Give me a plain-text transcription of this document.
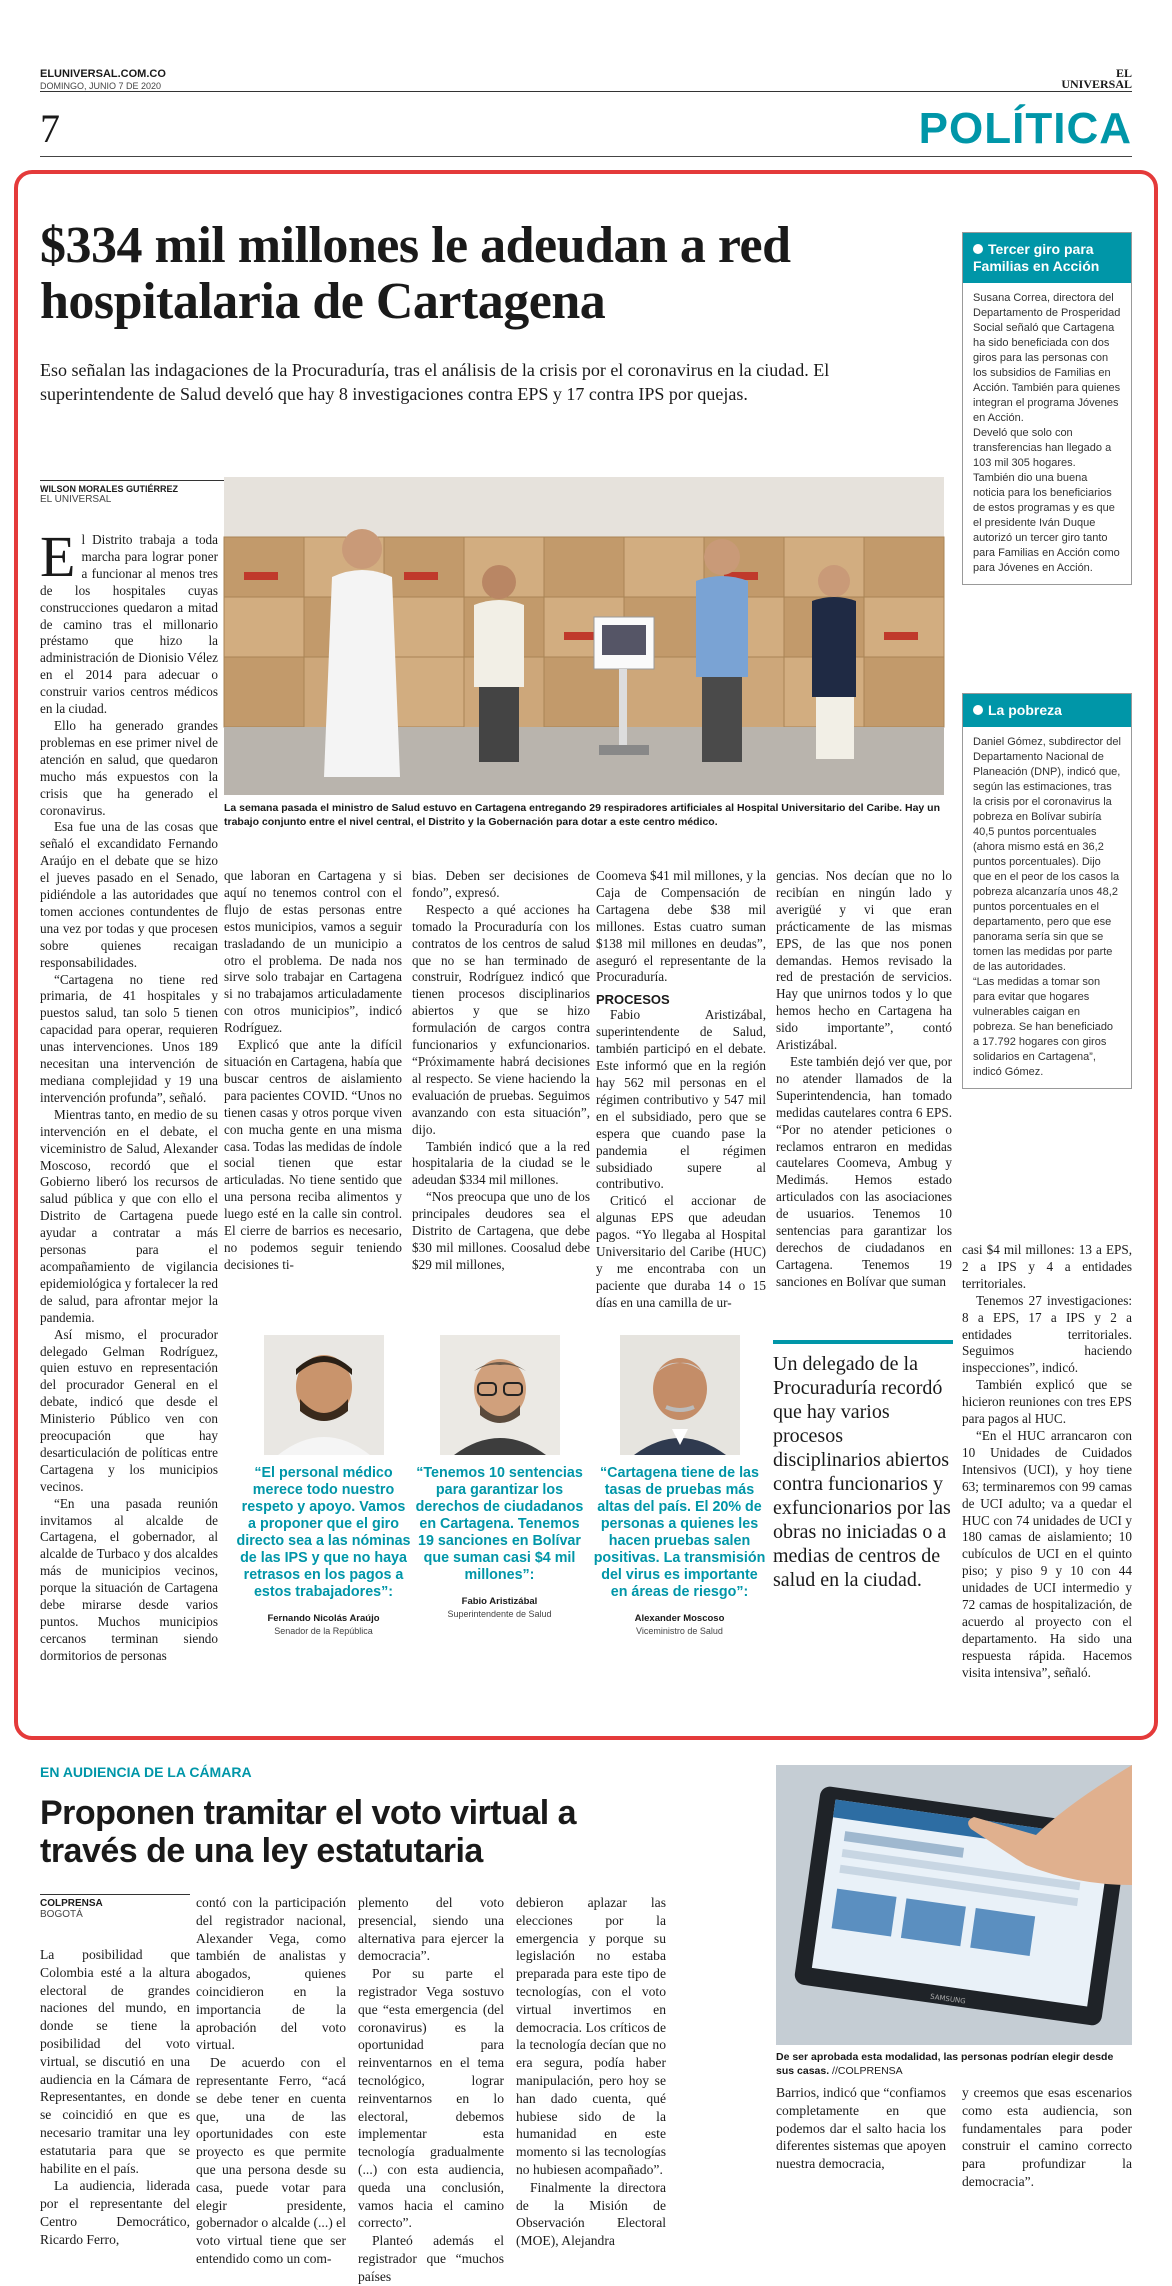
ELUNIVERSAL.COM.CO
DOMINGO, JUNIO 7 DE 2020
EL
UNIVERSAL
7	POLÍTICA
$334 mil millones le adeudan a red hospitalaria de Cartagena

Eso señalan las indagaciones de la Procuraduría, tras el análisis de la crisis por el coronavirus en la ciudad. El superintendente de Salud develó que hay 8 investigaciones contra EPS y 17 contra IPS por quejas.

WILSON MORALES GUTIÉRREZ
EL UNIVERSAL

El Distrito trabaja a toda marcha para lograr poner a funcionar al menos tres de los hospitales cuyas construcciones quedaron a mitad de camino tras el millonario préstamo que hizo la administración de Dionisio Vélez en el 2014 para adecuar o construir varios centros médicos en la ciudad.

Ello ha generado grandes problemas en ese primer nivel de atención en salud, que quedaron mucho más expuestos con la crisis que ha generado el coronavirus.

Esa fue una de las cosas que señaló el excandidato Fernando Araújo en el debate que se hizo el jueves pasado en el Senado, pidiéndole a las autoridades que tomen acciones contundentes de una vez por todas y que procesen sobre quienes recaigan responsabilidades.

“Cartagena no tiene red primaria, de 41 hospitales y puestos salud, tan solo 5 tienen capacidad para operar, requieren unas intervenciones. Unos 189 necesitan una intervención de mediana complejidad y 19 una intervención profunda”, señaló.

Mientras tanto, en medio de su intervención en el debate, el viceministro de Salud, Alexander Moscoso, recordó que el Gobierno liberó los recursos de salud pública y que con ello el Distrito de Cartagena puede ayudar a contratar a más personas para el acompañamiento de vigilancia epidemiológica y fortalecer la red de salud, para afrontar mejor la pandemia.

Así mismo, el procurador delegado Gelman Rodríguez, quien estuvo en representación del procurador General en el debate, indicó que desde el Ministerio Público ven con preocupación que hay desarticulación de políticas entre Cartagena y los municipios vecinos.

“En una pasada reunión invitamos al alcalde de Cartagena, el gobernador, al alcalde de Turbaco y dos alcaldes más de municipios vecinos, porque la situación de Cartagena debe mirarse desde varios puntos. Muchos municipios cercanos terminan siendo dormitorios de personas

La semana pasada el ministro de Salud estuvo en Cartagena entregando 29 respiradores artificiales al Hospital Universitario del Caribe. Hay un trabajo conjunto entre el nivel central, el Distrito y la Gobernación para dotar a este centro médico.

que laboran en Cartagena y si aquí no tenemos control con el flujo de estas personas entre estos municipios, vamos a seguir trasladando de un municipio a otro el problema. De nada nos sirve solo trabajar en Cartagena si no trabajamos articuladamente con otros municipios”, indicó Rodríguez.

Explicó que ante la difícil situación en Cartagena, había que buscar centros de aislamiento para pacientes COVID. “Unos no tienen casas y otros porque viven con mucha gente en una misma casa. Todas las medidas de índole social tienen que estar articuladas. No tiene sentido que una persona reciba alimentos y luego esté en la calle sin control. El cierre de barrios es necesario, no podemos seguir teniendo decisiones ti-

bias. Deben ser decisiones de fondo”, expresó.

Respecto a qué acciones ha tomado la Procuraduría con los contratos de los centros de salud que no se han terminado de construir, Rodríguez indicó que tienen procesos disciplinarios abiertos y que se hizo formulación de cargos contra funcionarios y exfuncionarios. “Próximamente habrá decisiones al respecto. Se viene haciendo la evaluación de pruebas. Seguimos avanzando con esta situación”, dijo.

También indicó que a la red hospitalaria de la ciudad se le adeudan $334 mil millones.

“Nos preocupa que uno de los principales deudores sea el Distrito de Cartagena, que debe $30 mil millones. Coosalud debe $29 mil millones,

Coomeva $41 mil millones, y la Caja de Compensación de Cartagena debe $38 mil millones. Estas cuatro suman $138 mil millones en deudas”, aseguró el representante de la Procuraduría.

PROCESOS

Fabio Aristizábal, superintendente de Salud, también participó en el debate. Este informó que en la región hay 562 mil personas en el régimen contributivo y 547 mil en el subsidiado, pero que se espera que cuando pase la pandemia el régimen subsidiado supere al contributivo.

Criticó el accionar de algunas EPS que adeudan pagos. “Yo llegaba al Hospital Universitario del Caribe (HUC) y me encontraba con un paciente que duraba 14 o 15 días en una camilla de ur-

gencias. Nos decían que no lo recibían en ningún lado y averigüé y vi que eran prácticamente de las mismas EPS, de las que nos ponen demandas. Hemos revisado la red de prestación de servicios. Hay que unirnos todos y lo que hemos hecho en Cartagena ha sido importante”, contó Aristizábal.

Este también dejó ver que, por no atender llamados de la Superintendencia, han tomado medidas cautelares contra 6 EPS. “Por no atender peticiones o reclamos entraron en medidas cautelares Coomeva, Ambug y Medimás. Hemos estado articulados con las asociaciones de usuarios. Tenemos 10 sentencias para garantizar los derechos de ciudadanos en Cartagena. Tenemos 19 sanciones en Bolívar que suman

casi $4 mil millones: 13 a EPS, 2 a IPS y 4 a entidades territoriales.

Tenemos 27 investigaciones: 8 a EPS, 17 a IPS y 2 a entidades territoriales. Seguimos haciendo inspecciones”, indicó.

También explicó que se hicieron reuniones con tres EPS para pagos al HUC.

“En el HUC arrancaron con 10 Unidades de Cuidados Intensivos (UCI), y hoy tiene 63; terminaremos con 99 camas de UCI adulto; va a quedar el HUC con 74 unidades de UCI y 180 camas de aislamiento; 10 cubículos de UCI en el quinto piso; y piso 9 y 10 con 44 unidades de UCI intermedio y 72 camas de hospitalización, de acuerdo al proyecto con el departamento. Ha sido una respuesta rápida. Hacemos visita intensiva”, señaló.

“El personal médico merece todo nuestro respeto y apoyo. Vamos a proponer que el giro directo sea a las nóminas de las IPS y que no haya retrasos en los pagos a estos trabajadores”:
Fernando Nicolás Araújo
Senador de la República
“Tenemos 10 sentencias para garantizar los derechos de ciudadanos en Cartagena. Tenemos 19 sanciones en Bolívar que suman casi $4 mil millones”:
Fabio Aristizábal
Superintendente de Salud
“Cartagena tiene de las tasas de pruebas más altas del país. El 20% de personas a quienes les hacen pruebas salen positivas. La transmisión del virus es importante en áreas de riesgo”:
Alexander Moscoso
Viceministro de Salud
Un delegado de la Procuraduría recordó que hay varios procesos disciplinarios abiertos contra funcionarios y exfuncionarios por las obras no iniciadas o a medias de centros de salud en la ciudad.
Tercer giro para Familias en Acción

Susana Correa, directora del Departamento de Prosperidad Social señaló que Cartagena ha sido beneficiada con dos giros para las personas con los subsidios de Familias en Acción. También para quienes integran el programa Jóvenes en Acción.

Develó que solo con transferencias han llegado a 103 mil 305 hogares.

También dio una buena noticia para los beneficiarios de estos programas y es que el presidente Iván Duque autorizó un tercer giro tanto para Familias en Acción como para Jóvenes en Acción.

La pobreza

Daniel Gómez, subdirector del Departamento Nacional de Planeación (DNP), indicó que, según las estimaciones, tras la crisis por el coronavirus la pobreza en Bolívar subiría 40,5 puntos porcentuales (ahora mismo está en 36,2 puntos porcentuales). Dijo que en el peor de los casos la pobreza alcanzaría unos 48,2 puntos porcentuales en el departamento, pero que ese panorama sería sin que se tomen las medidas por parte de las autoridades.

“Las medidas a tomar son para evitar que hogares vulnerables caigan en pobreza. Se han beneficiado a 17.792 hogares con giros solidarios en Cartagena”, indicó Gómez.

EN AUDIENCIA DE LA CÁMARA
Proponen tramitar el voto virtual a través de una ley estatutaria
COLPRENSA
BOGOTÁ

La posibilidad que Colombia esté a la altura electoral de grandes naciones del mundo, en donde se tiene la posibilidad del voto virtual, se discutió en una audiencia en la Cámara de Representantes, en donde se coincidió en que es necesario tramitar una ley estatutaria para que se habilite en el país.

La audiencia, liderada por el representante del Centro Democrático, Ricardo Ferro,

contó con la participación del registrador nacional, Alexander Vega, como también de analistas y abogados, quienes coincidieron en la importancia de la aprobación del voto virtual.

De acuerdo con el representante Ferro, “acá se debe tener en cuenta que, una de las oportunidades con este proyecto es que permite que una persona desde su casa, puede votar para elegir presidente, gobernador o alcalde (...) el voto virtual tiene que ser entendido como un com-

plemento del voto presencial, siendo una alternativa para ejercer la democracia”.

Por su parte el registrador Vega sostuvo que “esta emergencia (del coronavirus) es la oportunidad para reinventarnos en el tema tecnológico, lograr reinventarnos en lo electoral, debemos implementar esta tecnología gradualmente (...) con esta audiencia, queda una conclusión, vamos hacia el camino correcto”.

Planteó además el registrador que “muchos países

debieron aplazar las elecciones por la emergencia y porque su legislación no estaba preparada para este tipo de tecnologías, con el voto virtual invertimos en democracia. Los críticos de la tecnología decían que no era segura, podía haber manipulación, pero hoy se han dado cuenta, qué hubiese sido de la humanidad en este momento si las tecnologías no hubiesen acompañado”.

Finalmente la directora de la Misión de Observación Electoral (MOE), Alejandra

SAMSUNG
De ser aprobada esta modalidad, las personas podrían elegir desde sus casas. //COLPRENSA

Barrios, indicó que “confiamos completamente en que podemos dar el salto hacia los diferentes sistemas que apoyen nuestra democracia,

y creemos que esas escenarios como esta audiencia, son fundamentales para poder construir el camino correcto para profundizar la democracia”.
